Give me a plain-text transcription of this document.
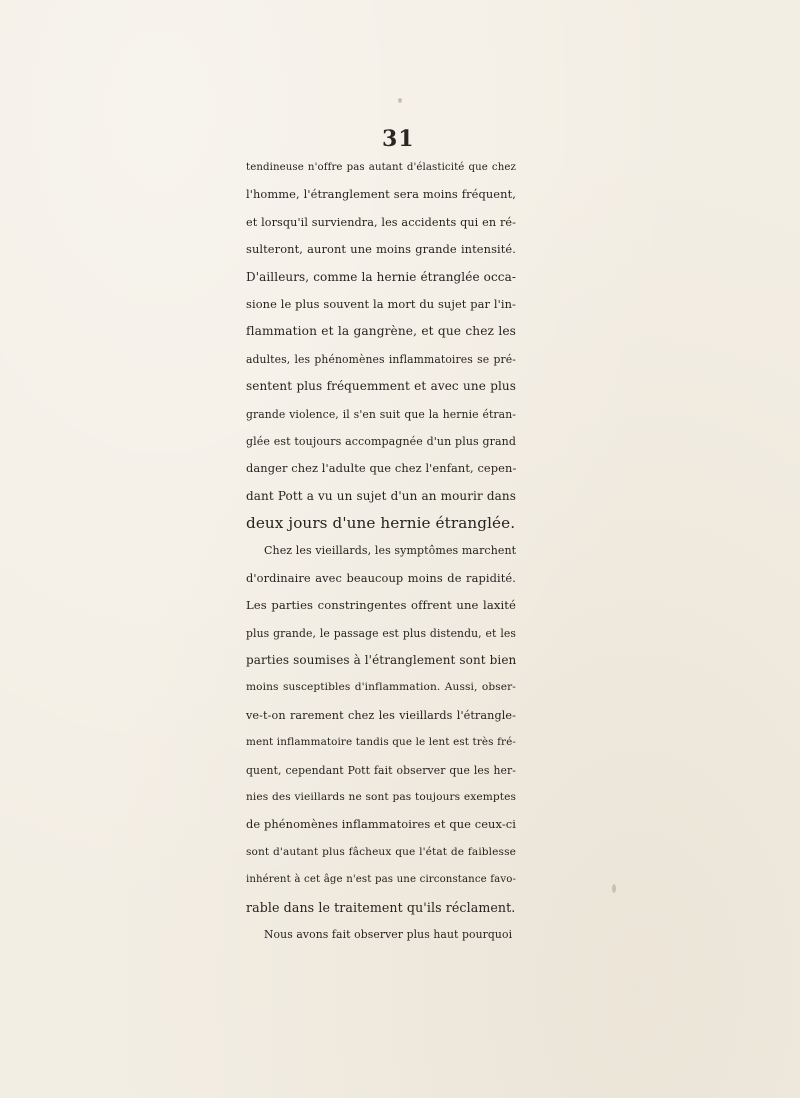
31
tendineuse n'offre pas autant d'élasticité que chez
l'homme, l'étranglement sera moins fréquent,
et lorsqu'il surviendra, les accidents qui en ré-
sulteront, auront une moins grande intensité.
D'ailleurs, comme la hernie étranglée occa-
sione le plus souvent la mort du sujet par l'in-
flammation et la gangrène, et que chez les
adultes, les phénomènes inflammatoires se pré-
sentent plus fréquemment et avec une plus
grande violence, il s'en suit que la hernie étran-
glée est toujours accompagnée d'un plus grand
danger chez l'adulte que chez l'enfant, cepen-
dant Pott a vu un sujet d'un an mourir dans
deux jours d'une hernie étranglée.
Chez les vieillards, les symptômes marchent
d'ordinaire avec beaucoup moins de rapidité.
Les parties constringentes offrent une laxité
plus grande, le passage est plus distendu, et les
parties soumises à l'étranglement sont bien
moins susceptibles d'inflammation. Aussi, obser-
ve-t-on rarement chez les vieillards l'étrangle-
ment inflammatoire tandis que le lent est très fré-
quent, cependant Pott fait observer que les her-
nies des vieillards ne sont pas toujours exemptes
de phénomènes inflammatoires et que ceux-ci
sont d'autant plus fâcheux que l'état de faiblesse
inhérent à cet âge n'est pas une circonstance favo-
rable dans le traitement qu'ils réclament.
Nous avons fait observer plus haut pourquoi
